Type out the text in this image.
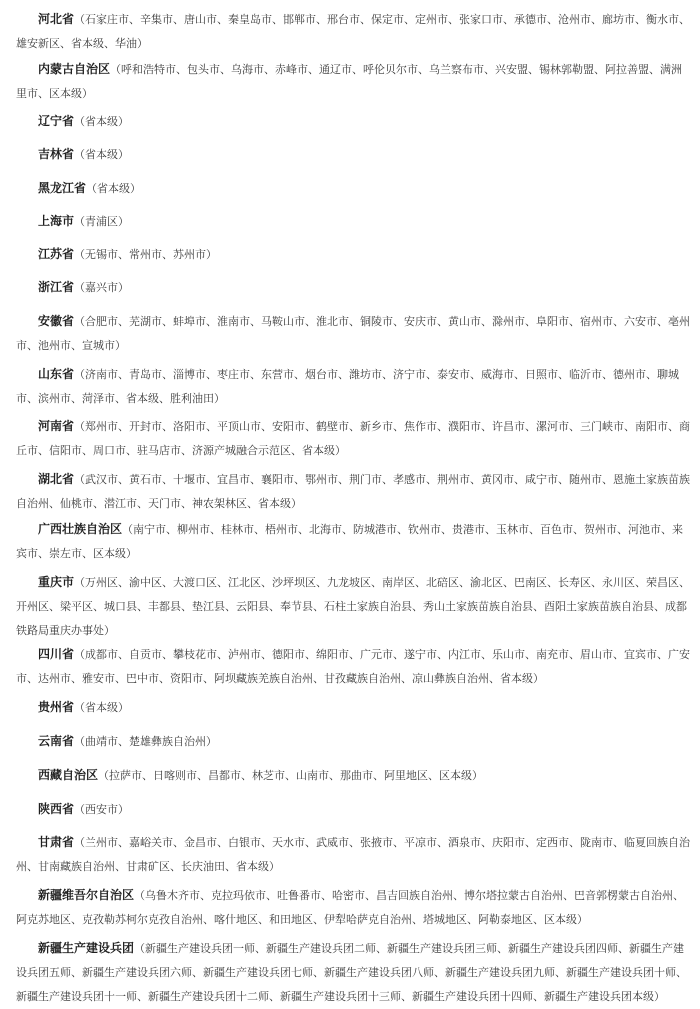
河北省（石家庄市、辛集市、唐山市、秦皇岛市、邯郸市、邢台市、保定市、定州市、张家口市、承德市、沧州市、廊坊市、衡水市、雄安新区、省本级、华油）

内蒙古自治区（呼和浩特市、包头市、乌海市、赤峰市、通辽市、呼伦贝尔市、乌兰察布市、兴安盟、锡林郭勒盟、阿拉善盟、满洲里市、区本级）

辽宁省（省本级）

吉林省（省本级）

黑龙江省（省本级）

上海市（青浦区）

江苏省（无锡市、常州市、苏州市）

浙江省（嘉兴市）

安徽省（合肥市、芜湖市、蚌埠市、淮南市、马鞍山市、淮北市、铜陵市、安庆市、黄山市、滁州市、阜阳市、宿州市、六安市、亳州市、池州市、宣城市）

山东省（济南市、青岛市、淄博市、枣庄市、东营市、烟台市、潍坊市、济宁市、泰安市、威海市、日照市、临沂市、德州市、聊城市、滨州市、菏泽市、省本级、胜利油田）

河南省（郑州市、开封市、洛阳市、平顶山市、安阳市、鹤壁市、新乡市、焦作市、濮阳市、许昌市、漯河市、三门峡市、南阳市、商丘市、信阳市、周口市、驻马店市、济源产城融合示范区、省本级）

湖北省（武汉市、黄石市、十堰市、宜昌市、襄阳市、鄂州市、荆门市、孝感市、荆州市、黄冈市、咸宁市、随州市、恩施土家族苗族自治州、仙桃市、潜江市、天门市、神农架林区、省本级）

广西壮族自治区（南宁市、柳州市、桂林市、梧州市、北海市、防城港市、钦州市、贵港市、玉林市、百色市、贺州市、河池市、来宾市、崇左市、区本级）

重庆市（万州区、渝中区、大渡口区、江北区、沙坪坝区、九龙坡区、南岸区、北碚区、渝北区、巴南区、长寿区、永川区、荣昌区、开州区、梁平区、城口县、丰都县、垫江县、云阳县、奉节县、石柱土家族自治县、秀山土家族苗族自治县、酉阳土家族苗族自治县、成都铁路局重庆办事处）

四川省（成都市、自贡市、攀枝花市、泸州市、德阳市、绵阳市、广元市、遂宁市、内江市、乐山市、南充市、眉山市、宜宾市、广安市、达州市、雅安市、巴中市、资阳市、阿坝藏族羌族自治州、甘孜藏族自治州、凉山彝族自治州、省本级）

贵州省（省本级）

云南省（曲靖市、楚雄彝族自治州）

西藏自治区（拉萨市、日喀则市、昌都市、林芝市、山南市、那曲市、阿里地区、区本级）

陕西省（西安市）

甘肃省（兰州市、嘉峪关市、金昌市、白银市、天水市、武威市、张掖市、平凉市、酒泉市、庆阳市、定西市、陇南市、临夏回族自治州、甘南藏族自治州、甘肃矿区、长庆油田、省本级）

新疆维吾尔自治区（乌鲁木齐市、克拉玛依市、吐鲁番市、哈密市、昌吉回族自治州、博尔塔拉蒙古自治州、巴音郭楞蒙古自治州、阿克苏地区、克孜勒苏柯尔克孜自治州、喀什地区、和田地区、伊犁哈萨克自治州、塔城地区、阿勒泰地区、区本级）

新疆生产建设兵团（新疆生产建设兵团一师、新疆生产建设兵团二师、新疆生产建设兵团三师、新疆生产建设兵团四师、新疆生产建设兵团五师、新疆生产建设兵团六师、新疆生产建设兵团七师、新疆生产建设兵团八师、新疆生产建设兵团九师、新疆生产建设兵团十师、新疆生产建设兵团十一师、新疆生产建设兵团十二师、新疆生产建设兵团十三师、新疆生产建设兵团十四师、新疆生产建设兵团本级）
